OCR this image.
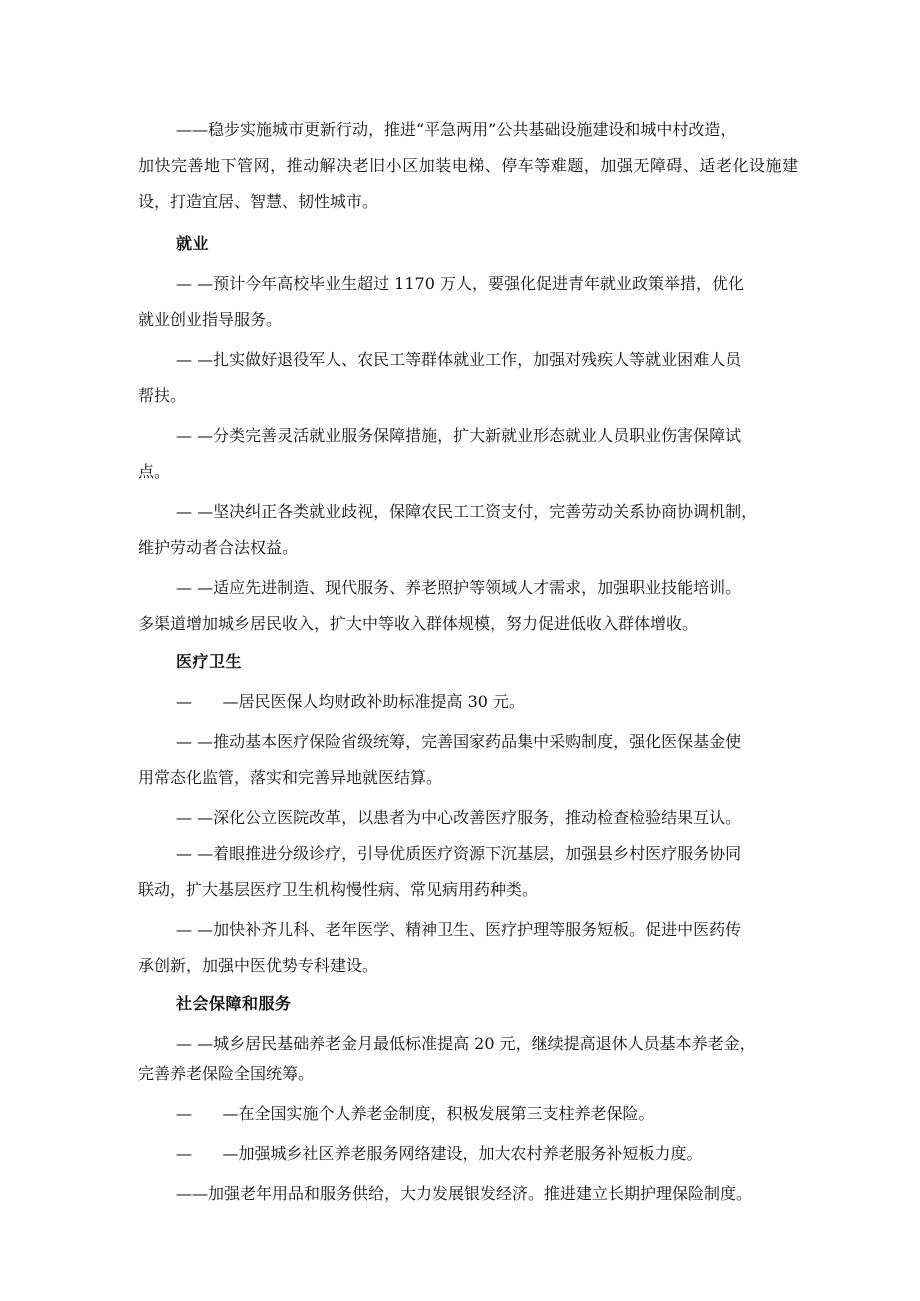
——稳步实施城市更新行动，推进“平急两用”公共基础设施建设和城中村改造，
加快完善地下管网，推动解决老旧小区加装电梯、停车等难题，加强无障碍、适老化设施建设，打造宜居、智慧、韧性城市。
就业
— —预计今年高校毕业生超过 1170 万人，要强化促进青年就业政策举措，优化
就业创业指导服务。
— —扎实做好退役军人、农民工等群体就业工作，加强对残疾人等就业困难人员
帮扶。
— —分类完善灵活就业服务保障措施，扩大新就业形态就业人员职业伤害保障试
点。
— —坚决纠正各类就业歧视，保障农民工工资支付，完善劳动关系协商协调机制，
维护劳动者合法权益。
— —适应先进制造、现代服务、养老照护等领域人才需求，加强职业技能培训。
多渠道增加城乡居民收入，扩大中等收入群体规模，努力促进低收入群体增收。
医疗卫生
—      —居民医保人均财政补助标准提高 30 元。
— —推动基本医疗保险省级统筹，完善国家药品集中采购制度，强化医保基金使
用常态化监管，落实和完善异地就医结算。
— —深化公立医院改革，以患者为中心改善医疗服务，推动检查检验结果互认。
— —着眼推进分级诊疗，引导优质医疗资源下沉基层，加强县乡村医疗服务协同
联动，扩大基层医疗卫生机构慢性病、常见病用药种类。
— —加快补齐儿科、老年医学、精神卫生、医疗护理等服务短板。促进中医药传
承创新，加强中医优势专科建设。
社会保障和服务
— —城乡居民基础养老金月最低标准提高 20 元，继续提高退休人员基本养老金，
完善养老保险全国统筹。
—      —在全国实施个人养老金制度，积极发展第三支柱养老保险。
—      —加强城乡社区养老服务网络建设，加大农村养老服务补短板力度。
——加强老年用品和服务供给，大力发展银发经济。推进建立长期护理保险制度。
